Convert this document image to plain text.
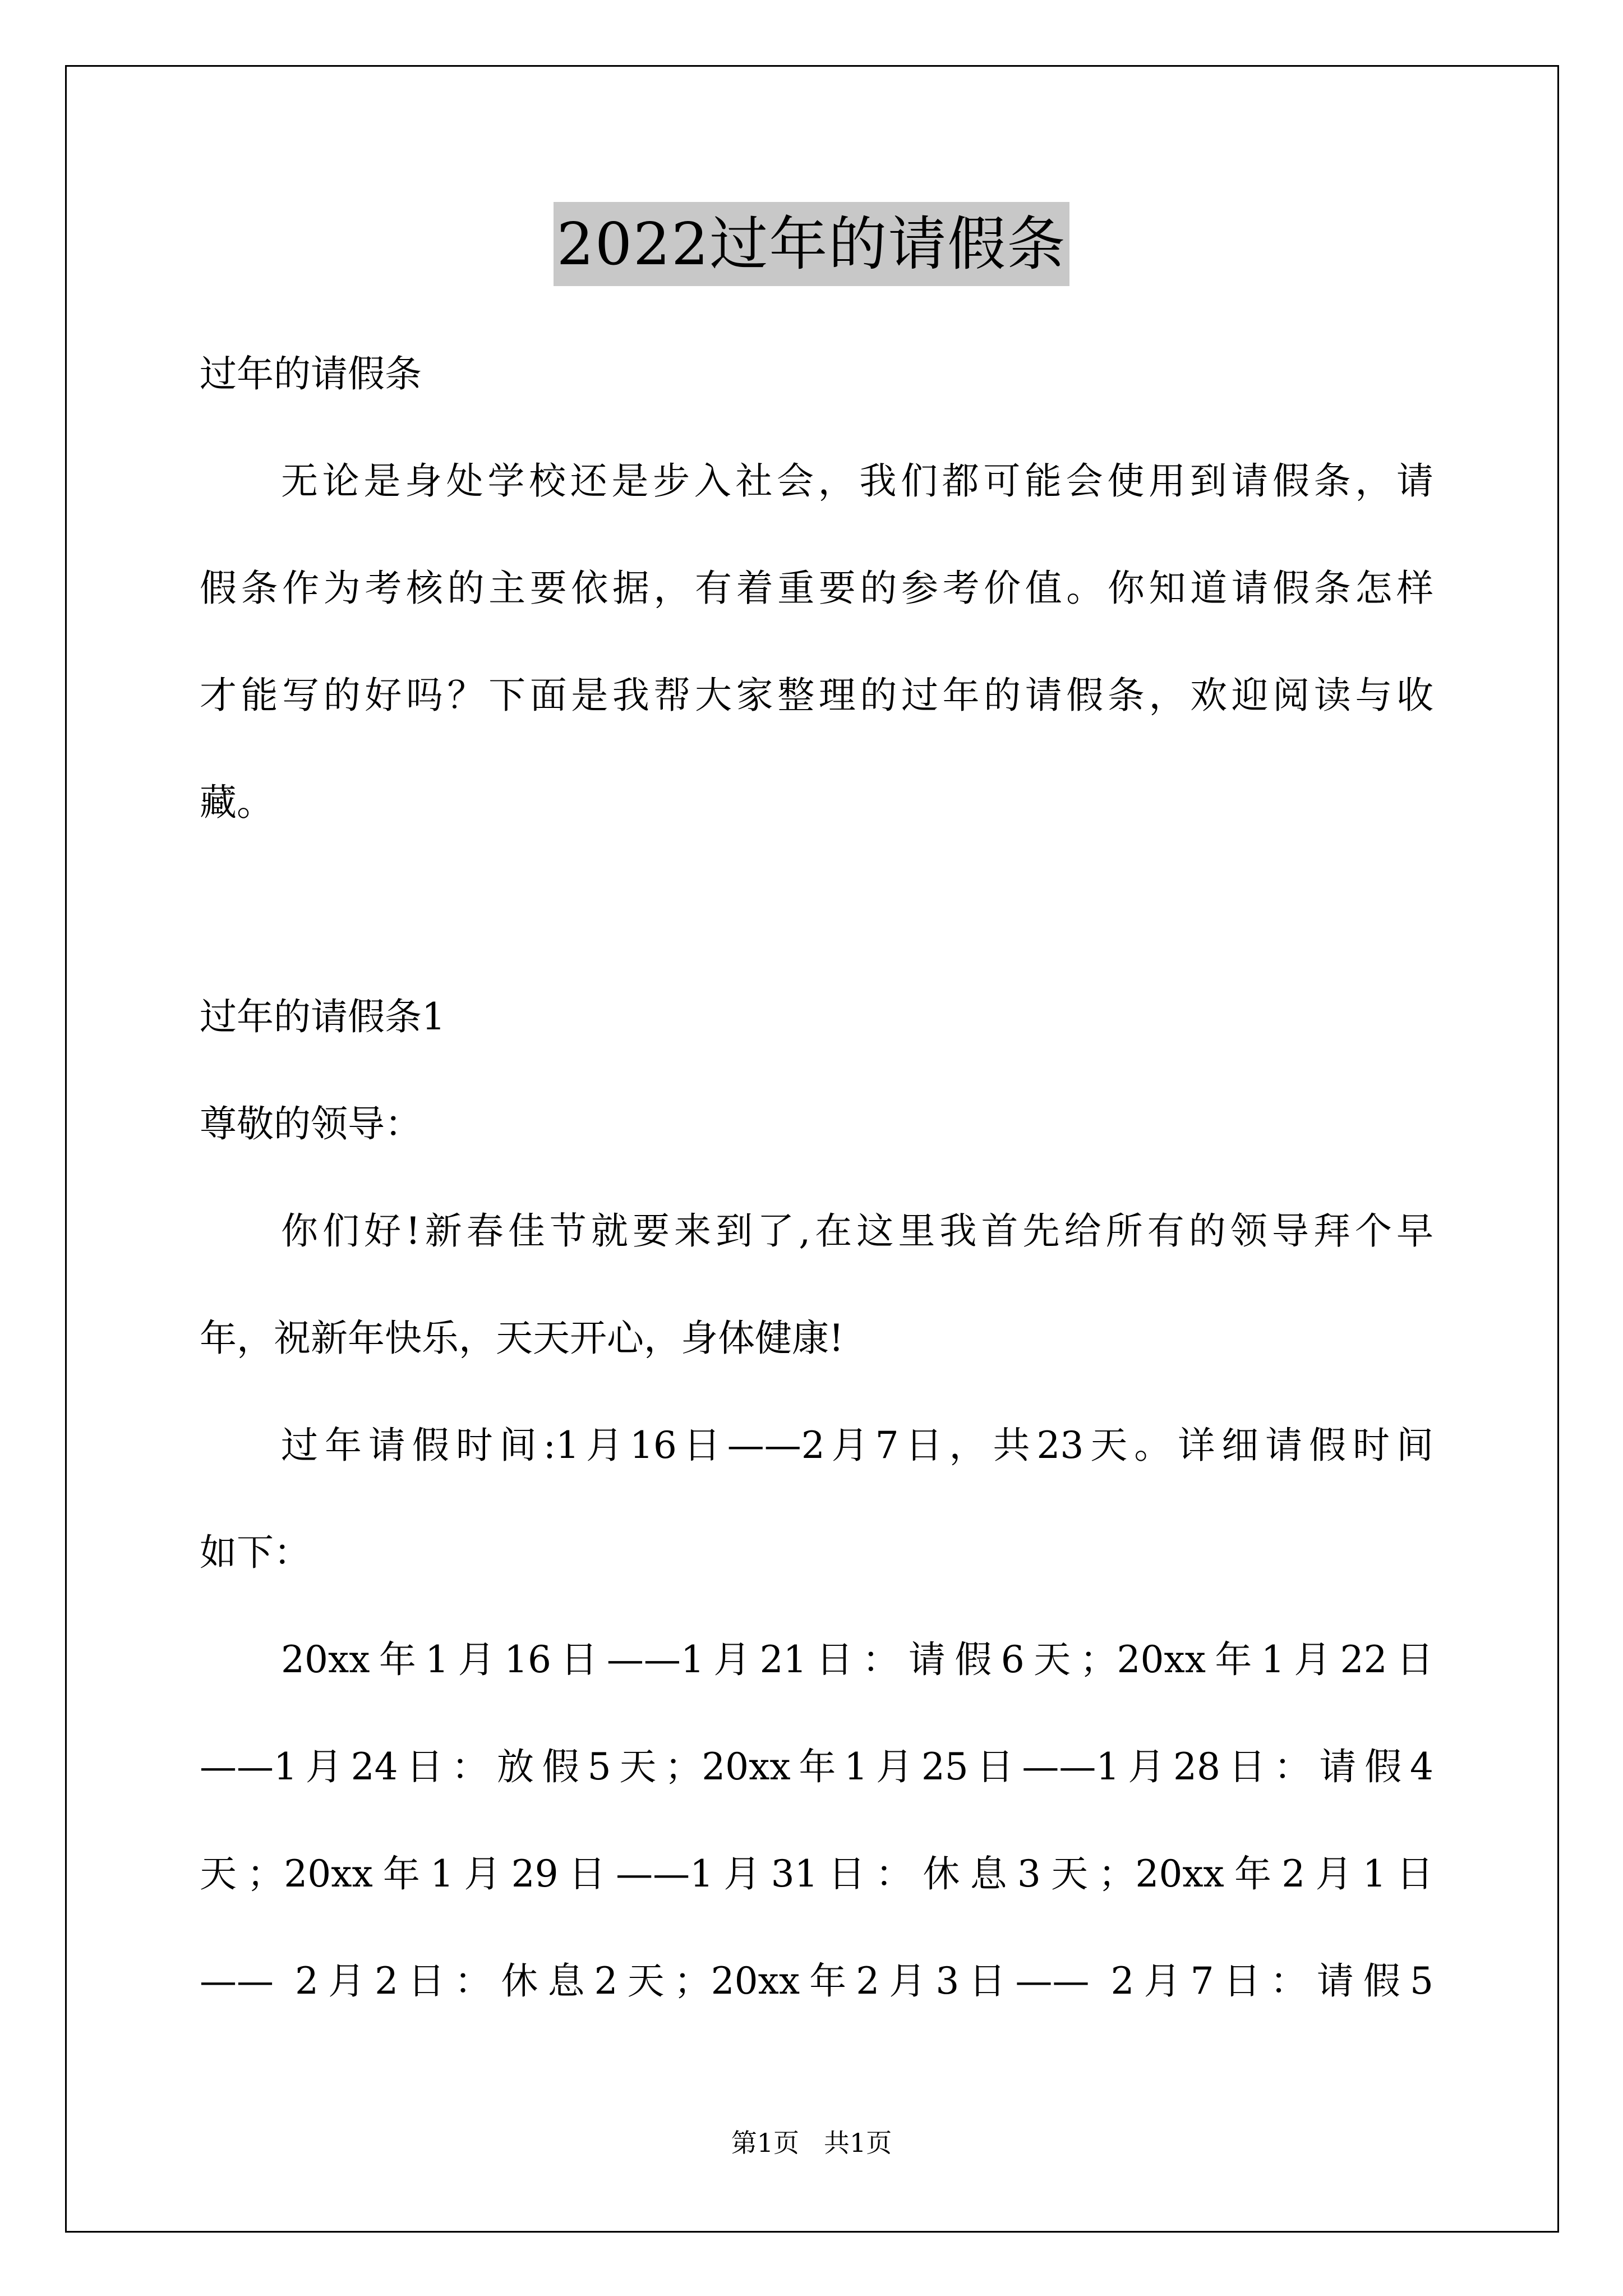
2022过年的请假条
过年的请假条
无论是身处学校还是步入社会，我们都可能会使用到请假条，请
假条作为考核的主要依据，有着重要的参考价值。你知道请假条怎样
才能写的好吗？下面是我帮大家整理的过年的请假条，欢迎阅读与收
藏。
过年的请假条1
尊敬的领导：
你们好!新春佳节就要来到了,在这里我首先给所有的领导拜个早
年，祝新年快乐，天天开心，身体健康!
过年请假时间:1月16日——2月7日，共23天。详细请假时间
如下：
20xx年1月16日——1月21日：请假6天；20xx年1月22日
——1月24日：放假5天；20xx年1月25日——1月28日：请假4
天；20xx年1月29日——1月31日：休息3天；20xx年2月1日
—— 2月2日：休息2天；20xx年2月3日—— 2月7日：请假5
第1页 共1页
